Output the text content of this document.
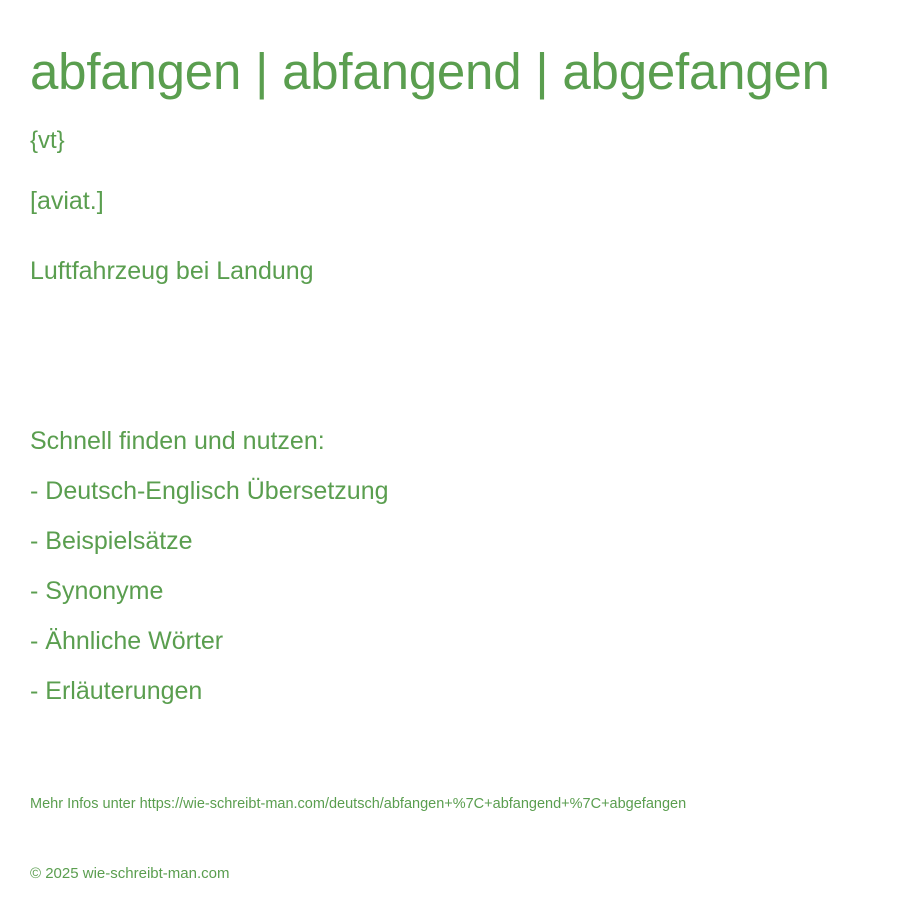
abfangen | abfangend | abgefangen
{vt}
[aviat.]
Luftfahrzeug bei Landung
Schnell finden und nutzen:
- Deutsch-Englisch Übersetzung
- Beispielsätze
- Synonyme
- Ähnliche Wörter
- Erläuterungen
Mehr Infos unter https://wie-schreibt-man.com/deutsch/abfangen+%7C+abfangend+%7C+abgefangen
© 2025 wie-schreibt-man.com
